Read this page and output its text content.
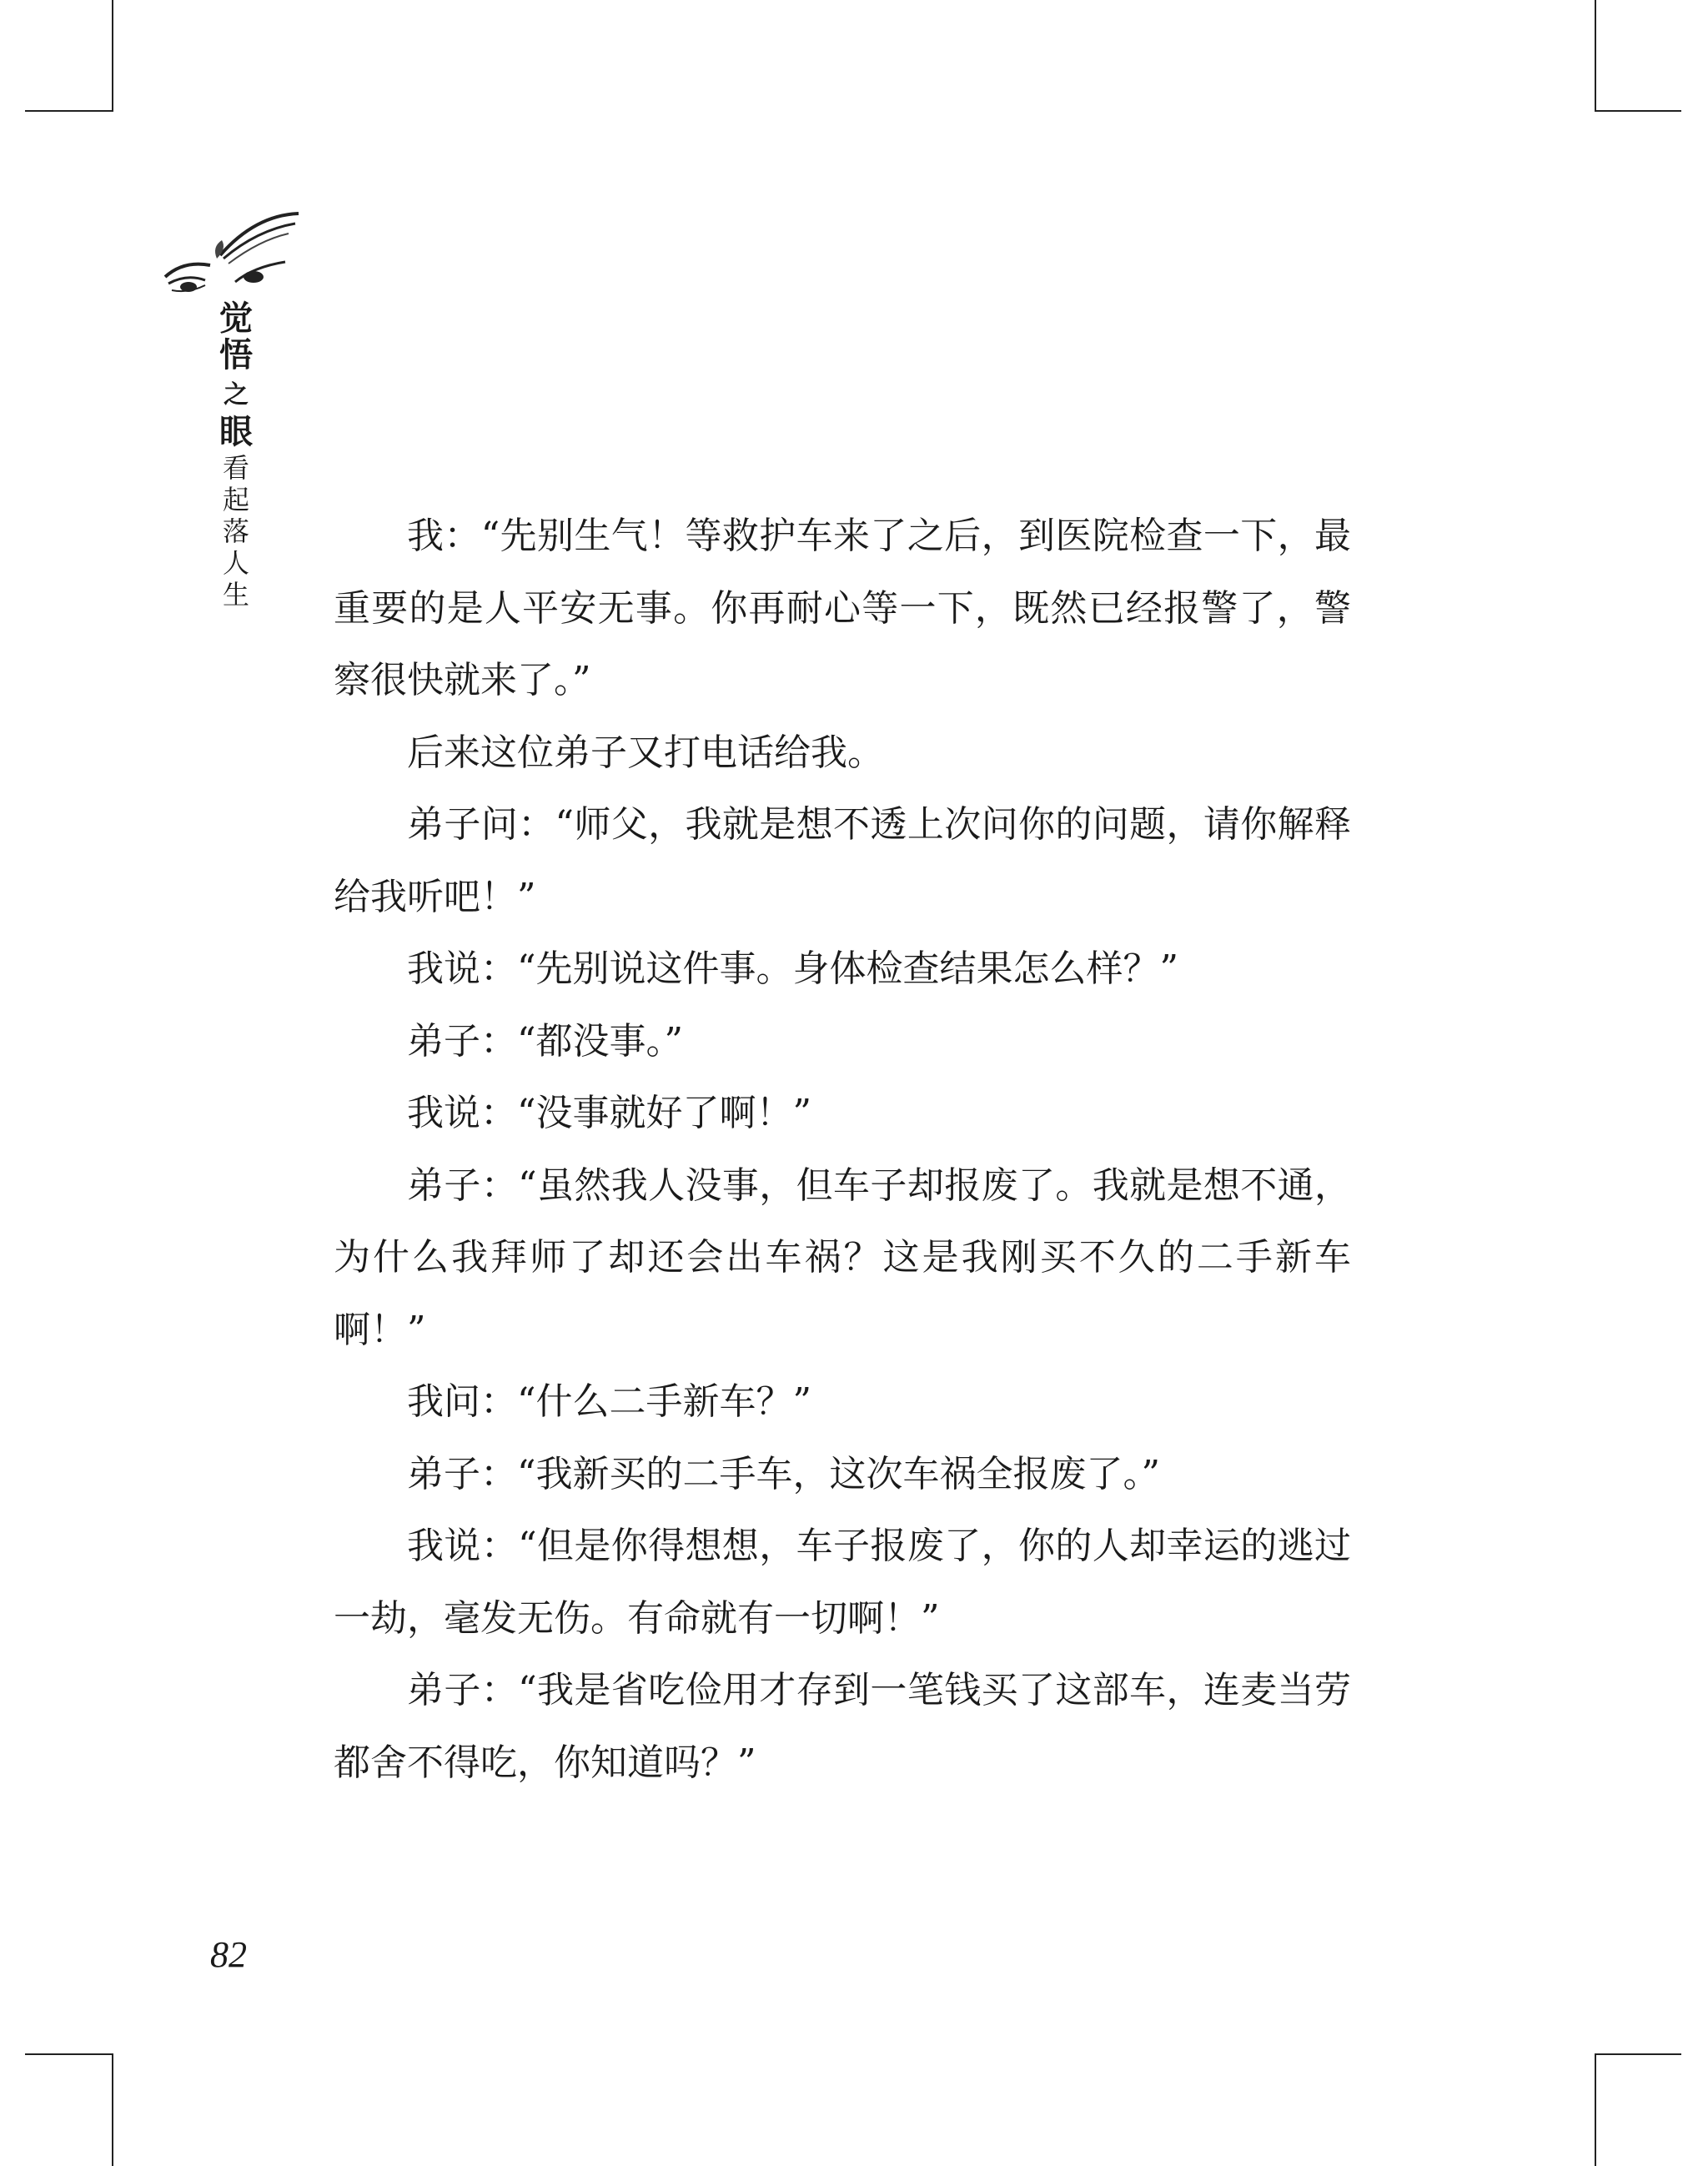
觉悟之眼
看起落人生

我：“先别生气！等救护车来了之后，到医院检查一下，最重要的是人平安无事。你再耐心等一下，既然已经报警了，警察很快就来了。”

后来这位弟子又打电话给我。

弟子问：“师父，我就是想不透上次问你的问题，请你解释给我听吧！”

我说：“先别说这件事。身体检查结果怎么样？”

弟子：“都没事。”

我说：“没事就好了啊！”

弟子：“虽然我人没事，但车子却报废了。我就是想不通，为什么我拜师了却还会出车祸？这是我刚买不久的二手新车啊！”

我问：“什么二手新车？”

弟子：“我新买的二手车，这次车祸全报废了。”

我说：“但是你得想想，车子报废了，你的人却幸运的逃过一劫，毫发无伤。有命就有一切啊！”

弟子：“我是省吃俭用才存到一笔钱买了这部车，连麦当劳都舍不得吃，你知道吗？”

82
